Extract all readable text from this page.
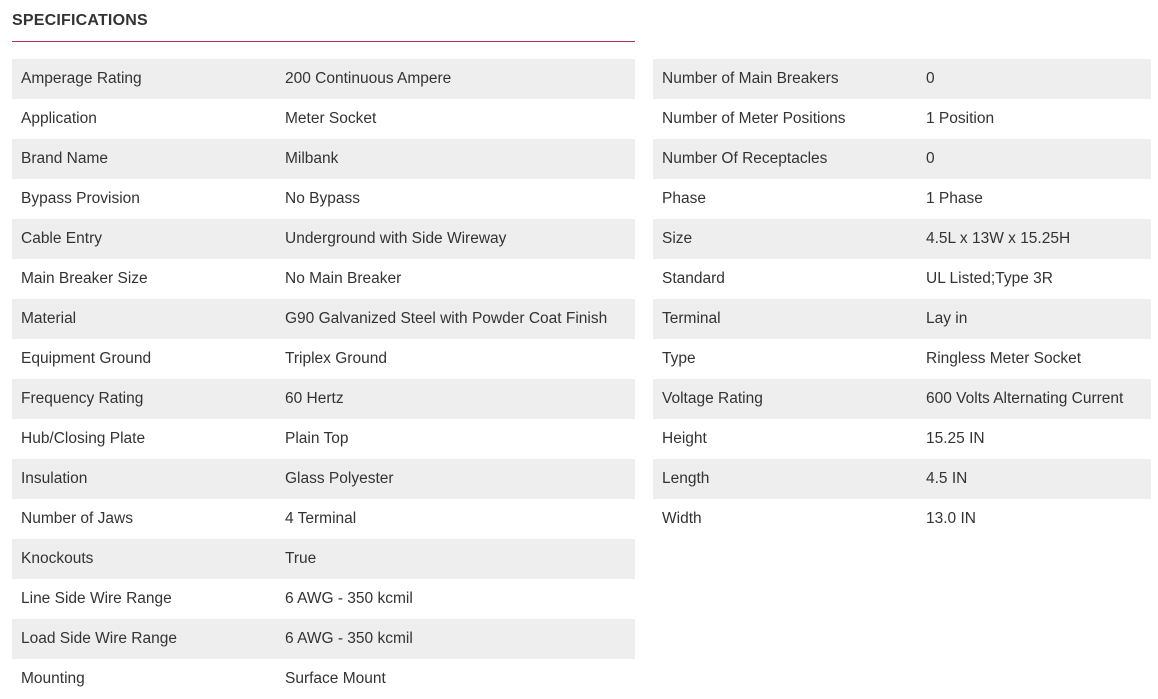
SPECIFICATIONS
Amperage Rating	200 Continuous Ampere
Application	Meter Socket
Brand Name	Milbank
Bypass Provision	No Bypass
Cable Entry	Underground with Side Wireway
Main Breaker Size	No Main Breaker
Material	G90 Galvanized Steel with Powder Coat Finish
Equipment Ground	Triplex Ground
Frequency Rating	60 Hertz
Hub/Closing Plate	Plain Top
Insulation	Glass Polyester
Number of Jaws	4 Terminal
Knockouts	True
Line Side Wire Range	6 AWG - 350 kcmil
Load Side Wire Range	6 AWG - 350 kcmil
Mounting	Surface Mount
Number of Main Breakers	0
Number of Meter Positions	1 Position
Number Of Receptacles	0
Phase	1 Phase
Size	4.5L x 13W x 15.25H
Standard	UL Listed;Type 3R
Terminal	Lay in
Type	Ringless Meter Socket
Voltage Rating	600 Volts Alternating Current
Height	15.25 IN
Length	4.5 IN
Width	13.0 IN
